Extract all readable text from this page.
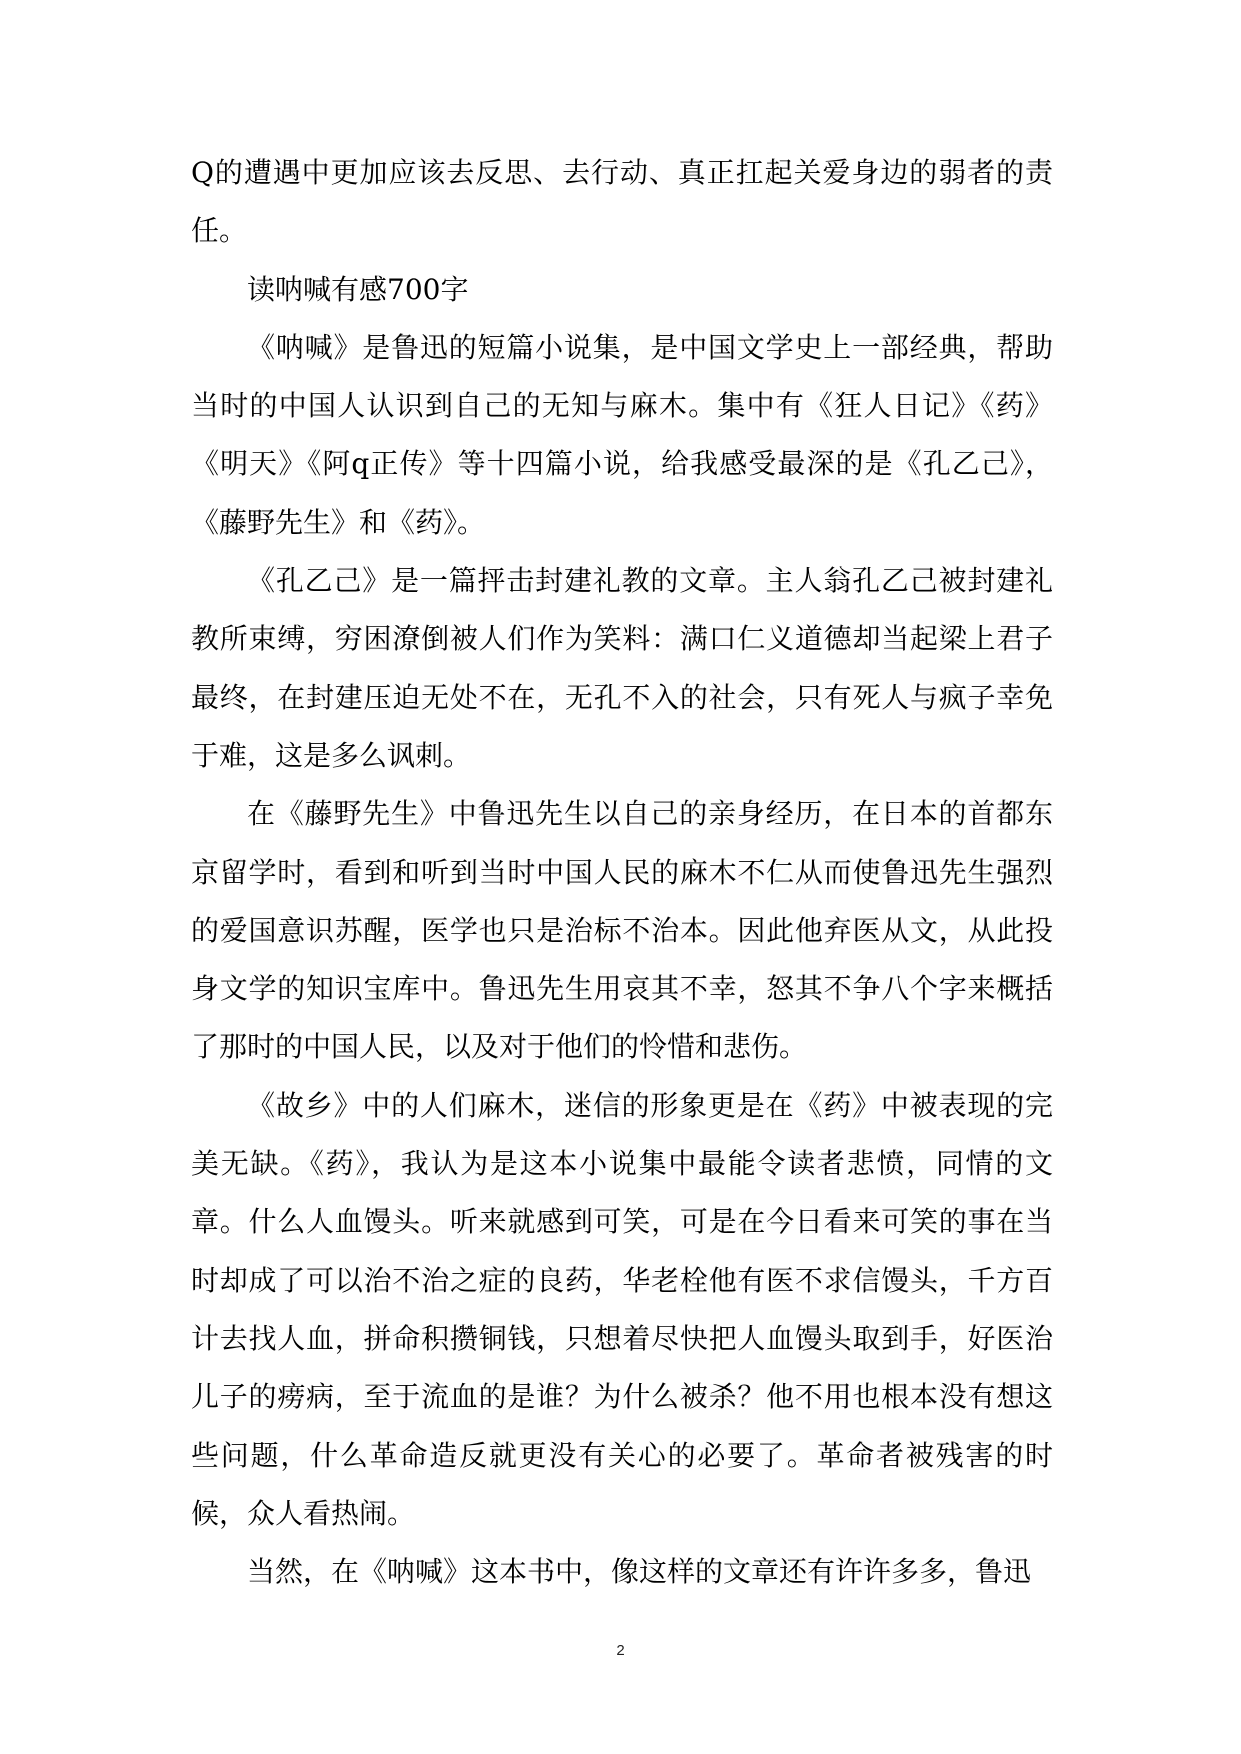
Q的遭遇中更加应该去反思、去行动、真正扛起关爱身边的弱者的责任。

读呐喊有感700字

《呐喊》是鲁迅的短篇小说集，是中国文学史上一部经典，帮助当时的中国人认识到自己的无知与麻木。集中有《狂人日记》《药》《明天》《阿q正传》等十四篇小说，给我感受最深的是《孔乙己》，《藤野先生》和《药》。

《孔乙己》是一篇抨击封建礼教的文章。主人翁孔乙己被封建礼教所束缚，穷困潦倒被人们作为笑料：满口仁义道德却当起梁上君子最终，在封建压迫无处不在，无孔不入的社会，只有死人与疯子幸免于难，这是多么讽刺。

在《藤野先生》中鲁迅先生以自己的亲身经历，在日本的首都东京留学时，看到和听到当时中国人民的麻木不仁从而使鲁迅先生强烈的爱国意识苏醒，医学也只是治标不治本。因此他弃医从文，从此投身文学的知识宝库中。鲁迅先生用哀其不幸，怒其不争八个字来概括了那时的中国人民，以及对于他们的怜惜和悲伤。

《故乡》中的人们麻木，迷信的形象更是在《药》中被表现的完美无缺。《药》，我认为是这本小说集中最能令读者悲愤，同情的文章。什么人血馒头。听来就感到可笑，可是在今日看来可笑的事在当时却成了可以治不治之症的良药，华老栓他有医不求信馒头，千方百计去找人血，拼命积攒铜钱，只想着尽快把人血馒头取到手，好医治儿子的痨病，至于流血的是谁？为什么被杀？他不用也根本没有想这些问题，什么革命造反就更没有关心的必要了。革命者被残害的时候，众人看热闹。

当然，在《呐喊》这本书中，像这样的文章还有许许多多，鲁迅

2
